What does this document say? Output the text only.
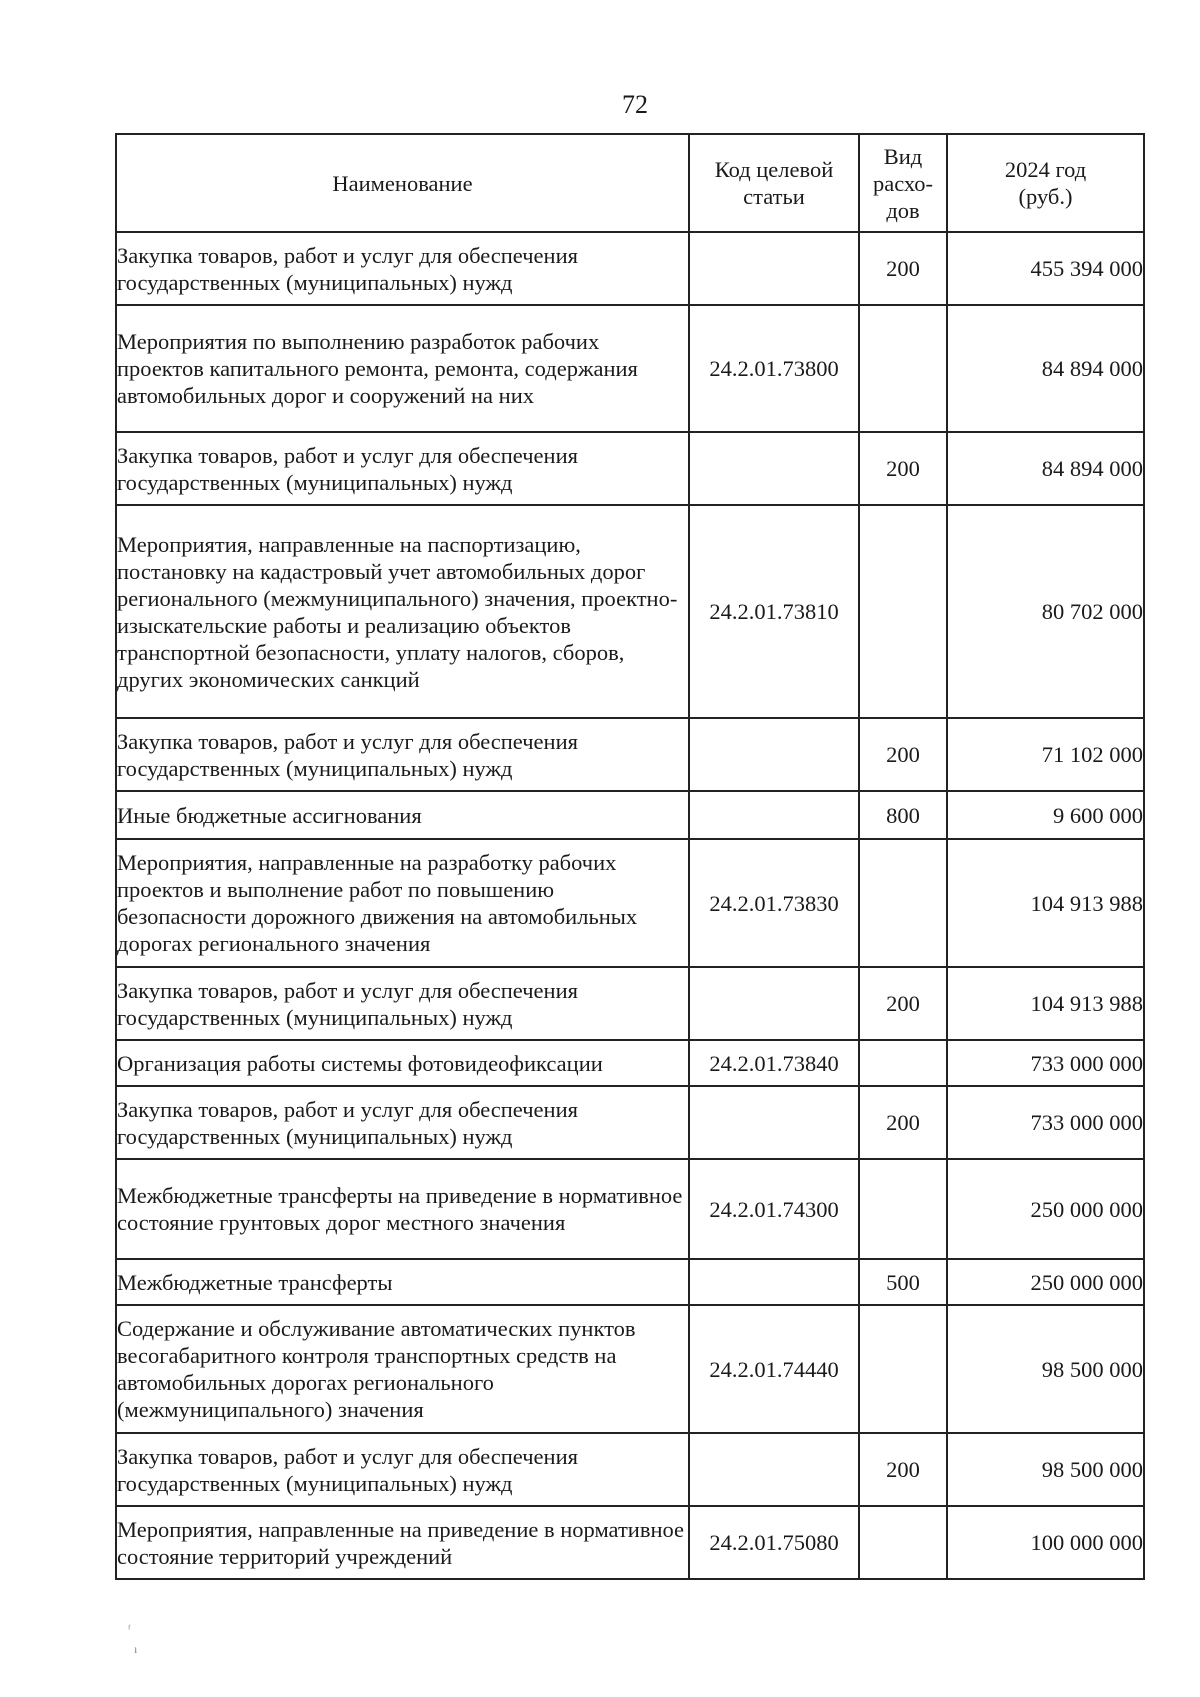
72
Наименование	Код целевой статьи	Вид расхо-дов	2024 год (руб.)
Закупка товаров, работ и услуг для обеспечения государственных (муниципальных) нужд		200	455 394 000
Мероприятия по выполнению разработок рабочих проектов капитального ремонта, ремонта, содержания автомобильных дорог и сооружений на них	24.2.01.73800		84 894 000
Закупка товаров, работ и услуг для обеспечения государственных (муниципальных) нужд		200	84 894 000
Мероприятия, направленные на паспортизацию, постановку на кадастровый учет автомобильных дорог регионального (межмуниципального) значения, проектно-изыскательские работы и реализацию объектов транспортной безопасности, уплату налогов, сборов, других экономических санкций	24.2.01.73810		80 702 000
Закупка товаров, работ и услуг для обеспечения государственных (муниципальных) нужд		200	71 102 000
Иные бюджетные ассигнования		800	9 600 000
Мероприятия, направленные на разработку рабочих проектов и выполнение работ по повышению безопасности дорожного движения на автомобильных дорогах регионального значения	24.2.01.73830		104 913 988
Закупка товаров, работ и услуг для обеспечения государственных (муниципальных) нужд		200	104 913 988
Организация работы системы фотовидеофиксации	24.2.01.73840		733 000 000
Закупка товаров, работ и услуг для обеспечения государственных (муниципальных) нужд		200	733 000 000
Межбюджетные трансферты на приведение в нормативное состояние грунтовых дорог местного значения	24.2.01.74300		250 000 000
Межбюджетные трансферты		500	250 000 000
Содержание и обслуживание автоматических пунктов весогабаритного контроля транспортных средств на автомобильных дорогах регионального (межмуниципального) значения	24.2.01.74440		98 500 000
Закупка товаров, работ и услуг для обеспечения государственных (муниципальных) нужд		200	98 500 000
Мероприятия, направленные на приведение в нормативное состояние территорий учреждений	24.2.01.75080		100 000 000
ᶠ
ı
